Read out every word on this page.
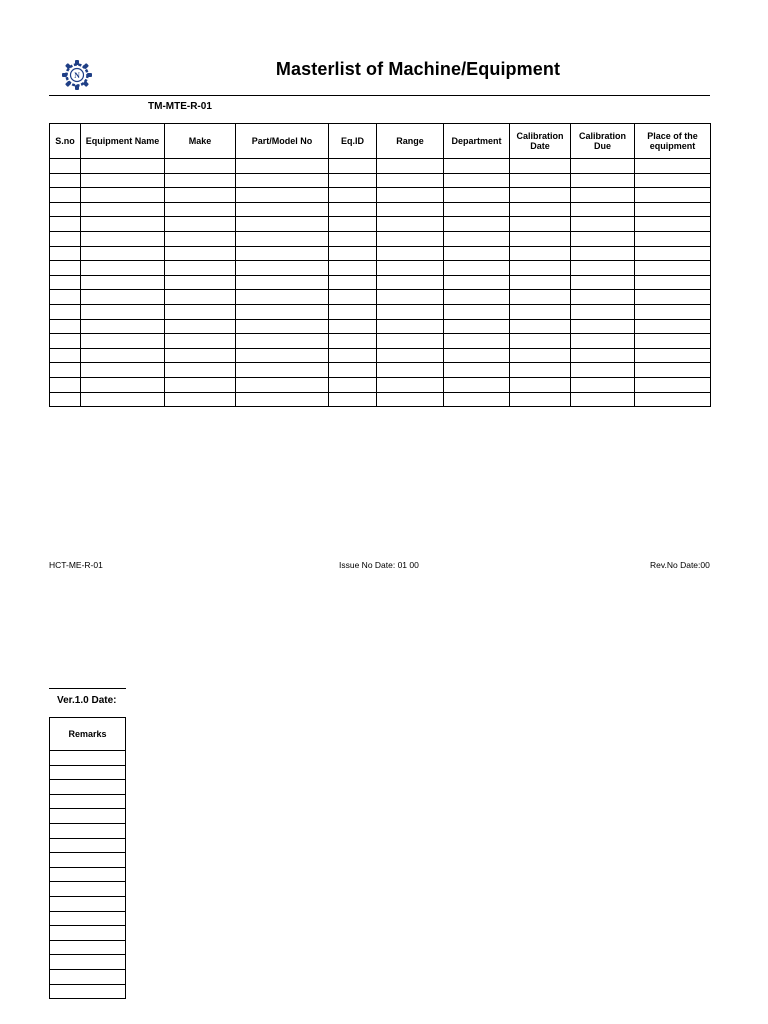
N	Masterlist of Machine/Equipment
TM-MTE-R-01
S.no	Equipment Name	Make	Part/Model No	Eq.ID	Range	Department	Calibration Date	Calibration Due	Place of the equipment

HCT-ME-R-01	Issue No Date: 01 00	Rev.No Date:00
Ver.1.0 Date:
Remarks
